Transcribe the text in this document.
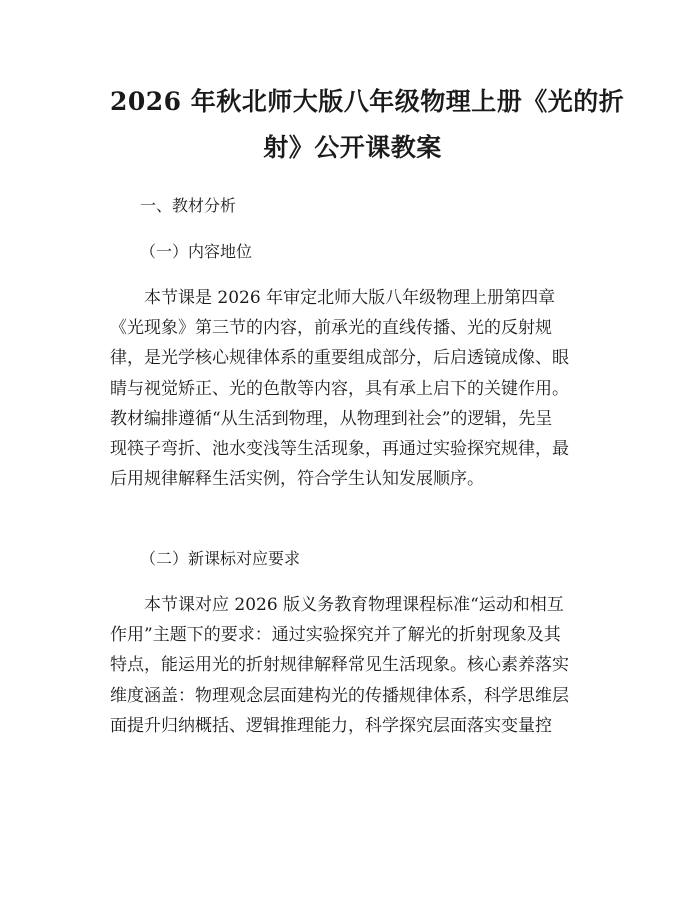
2026 年秋北师大版八年级物理上册《光的折
射》公开课教案
一、教材分析
（一）内容地位
　　本节课是 2026 年审定北师大版八年级物理上册第四章
《光现象》第三节的内容，前承光的直线传播、光的反射规
律，是光学核心规律体系的重要组成部分，后启透镜成像、眼
睛与视觉矫正、光的色散等内容，具有承上启下的关键作用。
教材编排遵循“从生活到物理，从物理到社会”的逻辑，先呈
现筷子弯折、池水变浅等生活现象，再通过实验探究规律，最
后用规律解释生活实例，符合学生认知发展顺序。
（二）新课标对应要求
　　本节课对应 2026 版义务教育物理课程标准“运动和相互
作用”主题下的要求：通过实验探究并了解光的折射现象及其
特点，能运用光的折射规律解释常见生活现象。核心素养落实
维度涵盖：物理观念层面建构光的传播规律体系，科学思维层
面提升归纳概括、逻辑推理能力，科学探究层面落实变量控
